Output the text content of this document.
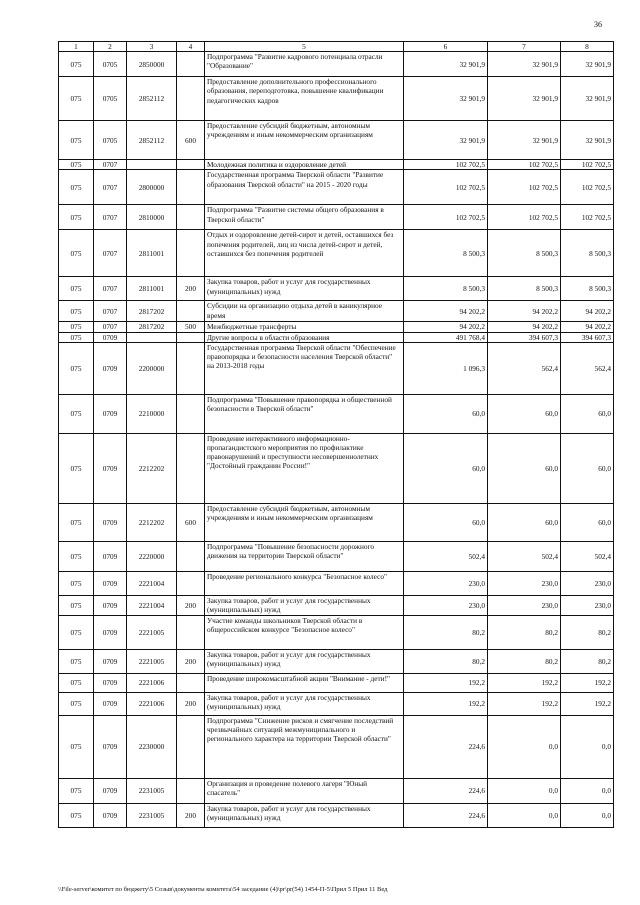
36
1	2	3	4	5	6	7	8
075	0705	2850000		Подпрограмма "Развитие кадрового потенциала отрасли "Образование"	32 901,9	32 901,9	32 901,9
075	0705	2852112		Предоставление дополнительного профессионального образования, переподготовка, повышение квалификации педагогических кадров	32 901,9	32 901,9	32 901,9
075	0705	2852112	600	Предоставление субсидий бюджетным, автономным учреждениям и иным некоммерческим организациям	32 901,9	32 901,9	32 901,9
075	0707			Молодежная политика и оздоровление детей	102 702,5	102 702,5	102 702,5
075	0707	2800000		Государственная программа Тверской области "Развитие образования Тверской области" на 2015 - 2020 годы	102 702,5	102 702,5	102 702,5
075	0707	2810000		Подпрограмма "Развитие системы общего образования в Тверской области"	102 702,5	102 702,5	102 702,5
075	0707	2811001		Отдых и оздоровление детей-сирот и детей, оставшихся без попечения родителей, лиц из числа детей-сирот и детей, оставшихся без попечения родителей	8 500,3	8 500,3	8 500,3
075	0707	2811001	200	Закупка товаров, работ и услуг для государственных (муниципальных) нужд	8 500,3	8 500,3	8 500,3
075	0707	2817202		Субсидии на организацию отдыха детей в каникулярное время	94 202,2	94 202,2	94 202,2
075	0707	2817202	500	Межбюджетные трансферты	94 202,2	94 202,2	94 202,2
075	0709			Другие вопросы в области образования	491 768,4	394 607,3	394 607,3
075	0709	2200000		Государственная программа Тверской области "Обеспечение правопорядка и безопасности населения Тверской области" на 2013-2018 годы	1 096,3	562,4	562,4
075	0709	2210000		Подпрограмма "Повышение правопорядка и общественной безопасности в Тверской области"	60,0	60,0	60,0
075	0709	2212202		Проведение интерактивного информационно-пропагандистского мероприятия по профилактике правонарушений и преступности несовершеннолетних "Достойный гражданин России!"	60,0	60,0	60,0
075	0709	2212202	600	Предоставление субсидий бюджетным, автономным учреждениям и иным некоммерческим организациям	60,0	60,0	60,0
075	0709	2220000		Подпрограмма "Повышение безопасности дорожного движения на территории Тверской области"	502,4	502,4	502,4
075	0709	2221004		Проведение регионального конкурса "Безопасное колесо"	230,0	230,0	230,0
075	0709	2221004	200	Закупка товаров, работ и услуг для государственных (муниципальных) нужд	230,0	230,0	230,0
075	0709	2221005		Участие команды школьников Тверской области в общероссийском конкурсе "Безопасное колесо"	80,2	80,2	80,2
075	0709	2221005	200	Закупка товаров, работ и услуг для государственных (муниципальных) нужд	80,2	80,2	80,2
075	0709	2221006		Проведение широкомасштабной акции "Внимание - дети!"	192,2	192,2	192,2
075	0709	2221006	200	Закупка товаров, работ и услуг для государственных (муниципальных) нужд	192,2	192,2	192,2
075	0709	2230000		Подпрограмма "Снижение рисков и смягчение последствий чрезвычайных ситуаций межмуниципального и регионального характера на территории Тверской области"	224,6	0,0	0,0
075	0709	2231005		Организация и проведение полевого лагеря "Юный спасатель"	224,6	0,0	0,0
075	0709	2231005	200	Закупка товаров, работ и услуг для государственных (муниципальных) нужд	224,6	0,0	0,0
\\File-server\комитет по бюджету\5 Созыв\документы комитета\54 заседание (4)\pr\pr(54) 1454-П-5\Прил 5 Прил 11 Вед
